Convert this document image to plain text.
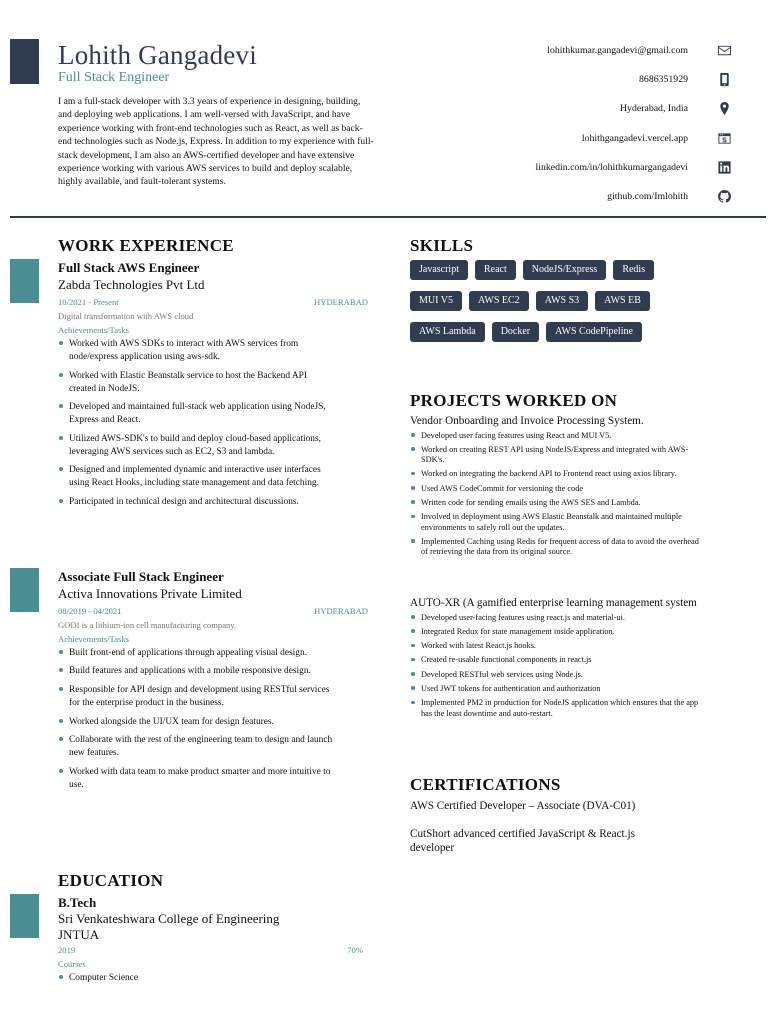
Lohith Gangadevi
Full Stack Engineer
I am a full-stack developer with 3.3 years of experience in designing, building, and deploying web applications. I am well-versed with JavaScript, and have experience working with front-end technologies such as React, as well as back-end technologies such as Node.js, Express. In addition to my experience with full-stack development, I am also an AWS-certified developer and have extensive experience working with various AWS services to build and deploy scalable, highly available, and fault-tolerant systems.
lohithkumar.gangadevi@gmail.com
8686351929
Hyderabad, India
lohithgangadevi.vercel.app
linkedin.com/in/lohithkumargangadevi
github.com/Imlohith
WORK EXPERIENCE
Full Stack AWS Engineer
Zabda Technologies Pvt Ltd
10/2021 - Present	HYDERABAD
Digital transformation with AWS cloud
Achievements/Tasks
Worked with AWS SDKs to interact with AWS services from node/express application using aws-sdk.
Worked with Elastic Beanstalk service to host the Backend API created in NodeJS.
Developed and maintained full-stack web application using NodeJS, Express and React.
Utilized AWS-SDK's to build and deploy cloud-based applications, leveraging AWS services such as EC2, S3 and lambda.
Designed and implemented dynamic and interactive user interfaces using React Hooks, including state management and data fetching.
Participated in technical design and architectural discussions.
Associate Full Stack Engineer
Activa Innovations Private Limited
08/2019 - 04/2021	HYDERABAD
GODI is a lithium-ion cell manufacturing company.
Achievements/Tasks
Built front-end of applications through appealing visual design.
Build features and applications with a mobile responsive design.
Responsible for API design and development using RESTful services for the enterprise product in the business.
Worked alongside the UI/UX team for design features.
Collaborate with the rest of the engineering team to design and launch new features.
Worked with data team to make product smarter and more intuitive to use.
EDUCATION
B.Tech
Sri Venkateshwara College of Engineering
JNTUA
2019	70%
Courses
Computer Science
SKILLS
Javascript	React	NodeJS/Express	Redis
MUI V5	AWS EC2	AWS S3	AWS EB
AWS Lambda	Docker	AWS CodePipeline
PROJECTS WORKED ON
Vendor Onboarding and Invoice Processing System.
Developed user facing features using React and MUI V5.
Worked on creating REST API using NodeJS/Express and integrated with AWS-SDK's.
Worked on integrating the backend API to Frontend react using axios library.
Used AWS CodeCommit for versioning the code
Written code for sending emails using the AWS SES and Lambda.
Involved in deployment using AWS Elastic Beanstalk and maintained multiple environments to safely roll out the updates.
Implemented Caching using Redis for frequent access of data to avoid the overhead of retrieving the data from its original source.
AUTO-XR (A gamified enterprise learning management system
Developed user-facing features using react.js and material-ui.
Integrated Redux for state management inside application.
Worked with latest React.js hooks.
Created re-usable functional components in react.js
Developed RESTful web services using Node.js.
Used JWT tokens for authentication and authorization
Implemented PM2 in production for NodeJS application which ensures that the app has the least downtime and auto-restart.
CERTIFICATIONS
AWS Certified Developer – Associate (DVA-C01)
CutShort advanced certified JavaScript & React.js developer
